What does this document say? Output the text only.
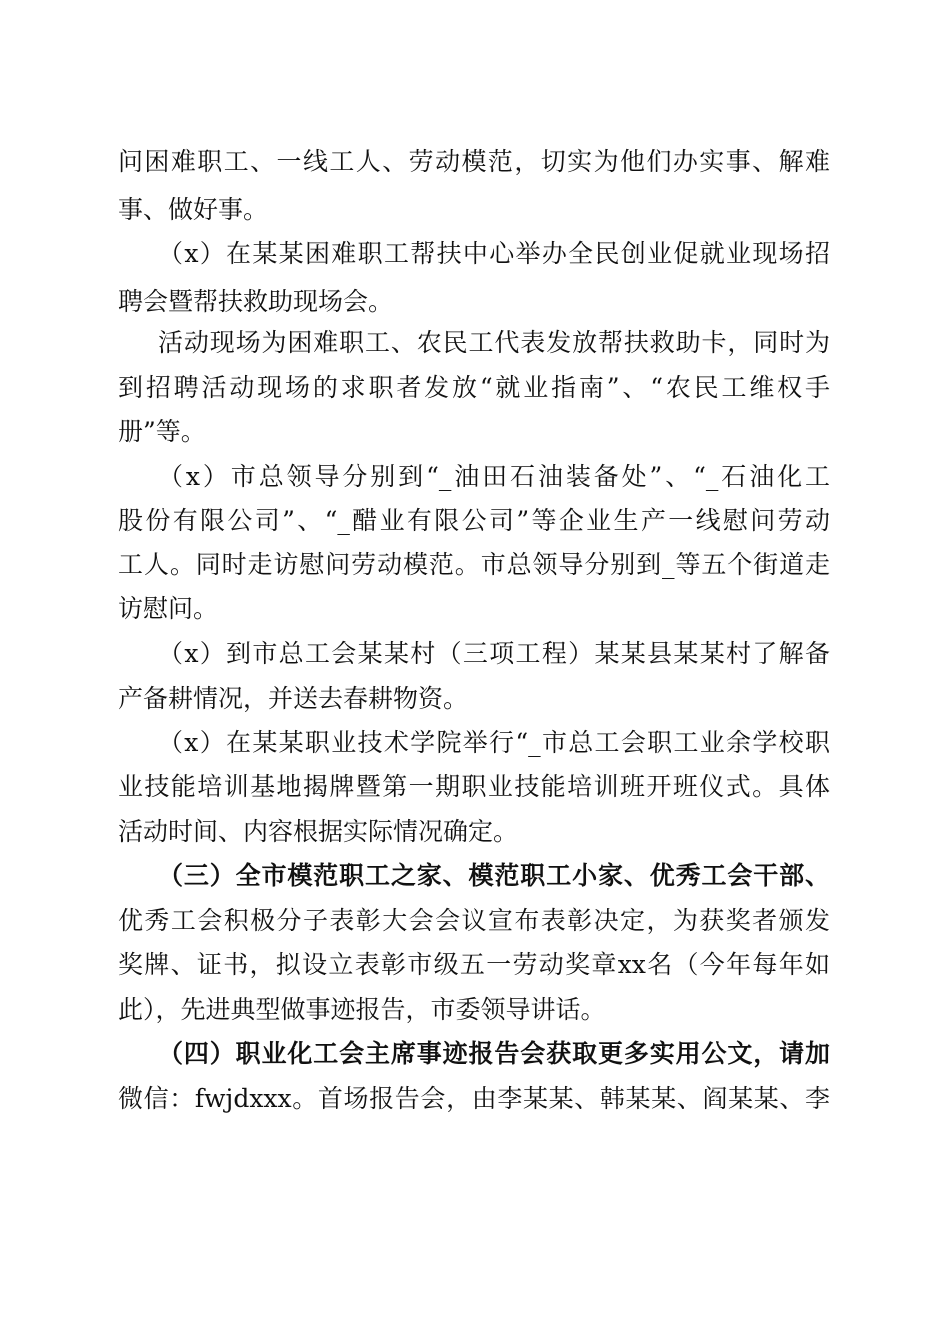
问困难职工、一线工人、劳动模范，切实为他们办实事、解难
事、做好事。
（x）在某某困难职工帮扶中心举办全民创业促就业现场招
聘会暨帮扶救助现场会。
活动现场为困难职工、农民工代表发放帮扶救助卡，同时为
到招聘活动现场的求职者发放“就业指南”、“农民工维权手
册”等。
（x）市总领导分别到“_油田石油装备处”、“_石油化工
股份有限公司”、“_醋业有限公司”等企业生产一线慰问劳动
工人。同时走访慰问劳动模范。市总领导分别到_等五个街道走
访慰问。
（x）到市总工会某某村（三项工程）某某县某某村了解备
产备耕情况，并送去春耕物资。
（x）在某某职业技术学院举行“_市总工会职工业余学校职
业技能培训基地揭牌暨第一期职业技能培训班开班仪式。具体
活动时间、内容根据实际情况确定。
（三）全市模范职工之家、模范职工小家、优秀工会干部、
优秀工会积极分子表彰大会会议宣布表彰决定，为获奖者颁发
奖牌、证书，拟设立表彰市级五一劳动奖章xx名（今年每年如
此），先进典型做事迹报告，市委领导讲话。
（四）职业化工会主席事迹报告会获取更多实用公文，请加
微信：fwjdxxx。首场报告会，由李某某、韩某某、阎某某、李
